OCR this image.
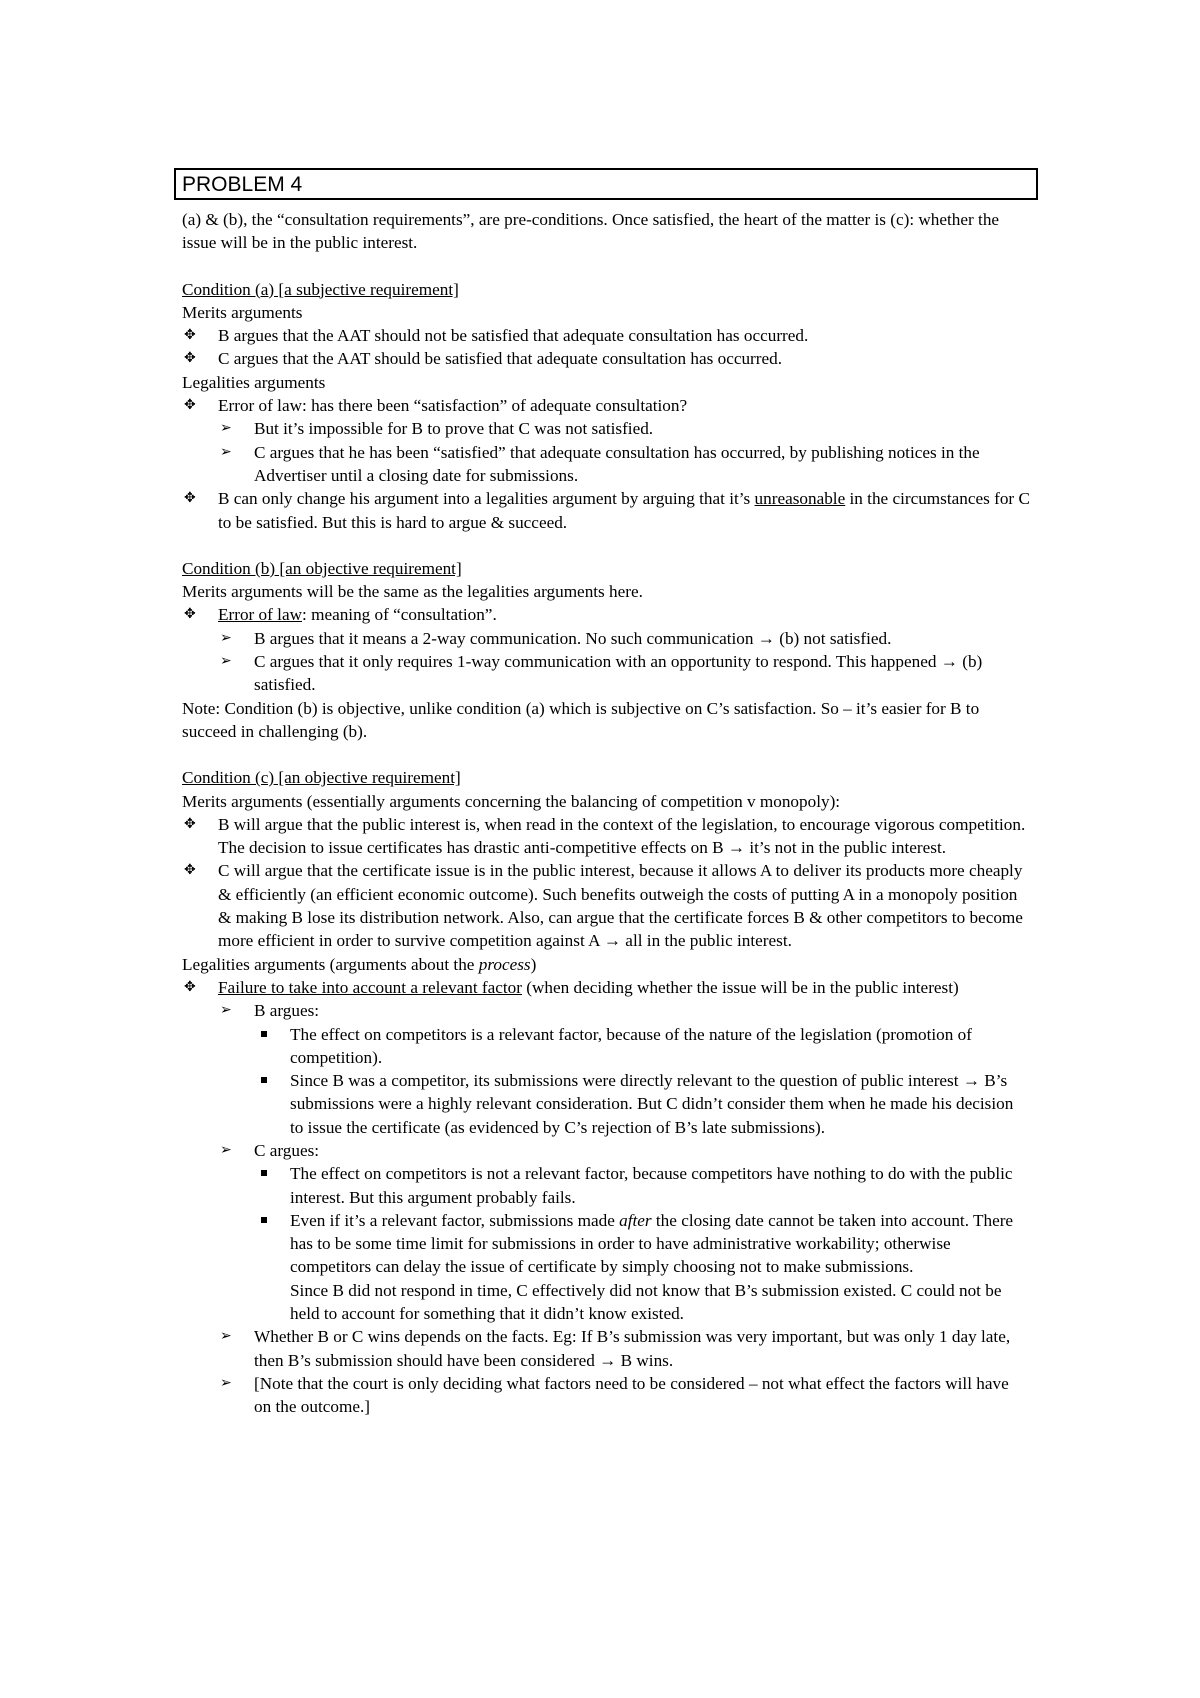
PROBLEM 4

(a) & (b), the “consultation requirements”, are pre-conditions. Once satisfied, the heart of the matter is (c): whether the issue will be in the public interest.

Condition (a) [a subjective requirement]

Merits arguments

✥	B argues that the AAT should not be satisfied that adequate consultation has occurred.
✥	C argues that the AAT should be satisfied that adequate consultation has occurred.

Legalities arguments

✥	Error of law: has there been “satisfaction” of adequate consultation?
➢	But it’s impossible for B to prove that C was not satisfied.
➢	C argues that he has been “satisfied” that adequate consultation has occurred, by publishing notices in the Advertiser until a closing date for submissions.
✥	B can only change his argument into a legalities argument by arguing that it’s unreasonable in the circumstances for C to be satisfied. But this is hard to argue & succeed.

Condition (b) [an objective requirement]

Merits arguments will be the same as the legalities arguments here.

✥	Error of law: meaning of “consultation”.
➢	B argues that it means a 2-way communication. No such communication → (b) not satisfied.
➢	C argues that it only requires 1-way communication with an opportunity to respond. This happened → (b) satisfied.

Note: Condition (b) is objective, unlike condition (a) which is subjective on C’s satisfaction. So – it’s easier for B to succeed in challenging (b).

Condition (c) [an objective requirement]

Merits arguments (essentially arguments concerning the balancing of competition v monopoly):

✥	B will argue that the public interest is, when read in the context of the legislation, to encourage vigorous competition. The decision to issue certificates has drastic anti-competitive effects on B → it’s not in the public interest.
✥	C will argue that the certificate issue is in the public interest, because it allows A to deliver its products more cheaply & efficiently (an efficient economic outcome). Such benefits outweigh the costs of putting A in a monopoly position & making B lose its distribution network. Also, can argue that the certificate forces B & other competitors to become more efficient in order to survive competition against A → all in the public interest.

Legalities arguments (arguments about the process)

✥	Failure to take into account a relevant factor (when deciding whether the issue will be in the public interest)
➢	B argues:
The effect on competitors is a relevant factor, because of the nature of the legislation (promotion of competition).
Since B was a competitor, its submissions were directly relevant to the question of public interest → B’s submissions were a highly relevant consideration. But C didn’t consider them when he made his decision to issue the certificate (as evidenced by C’s rejection of B’s late submissions).
➢	C argues:
The effect on competitors is not a relevant factor, because competitors have nothing to do with the public interest. But this argument probably fails.
Even if it’s a relevant factor, submissions made after the closing date cannot be taken into account. There has to be some time limit for submissions in order to have administrative workability; otherwise competitors can delay the issue of certificate by simply choosing not to make submissions.

Since B did not respond in time, C effectively did not know that B’s submission existed. C could not be held to account for something that it didn’t know existed.

➢	Whether B or C wins depends on the facts. Eg: If B’s submission was very important, but was only 1 day late, then B’s submission should have been considered → B wins.
➢	[Note that the court is only deciding what factors need to be considered – not what effect the factors will have on the outcome.]
